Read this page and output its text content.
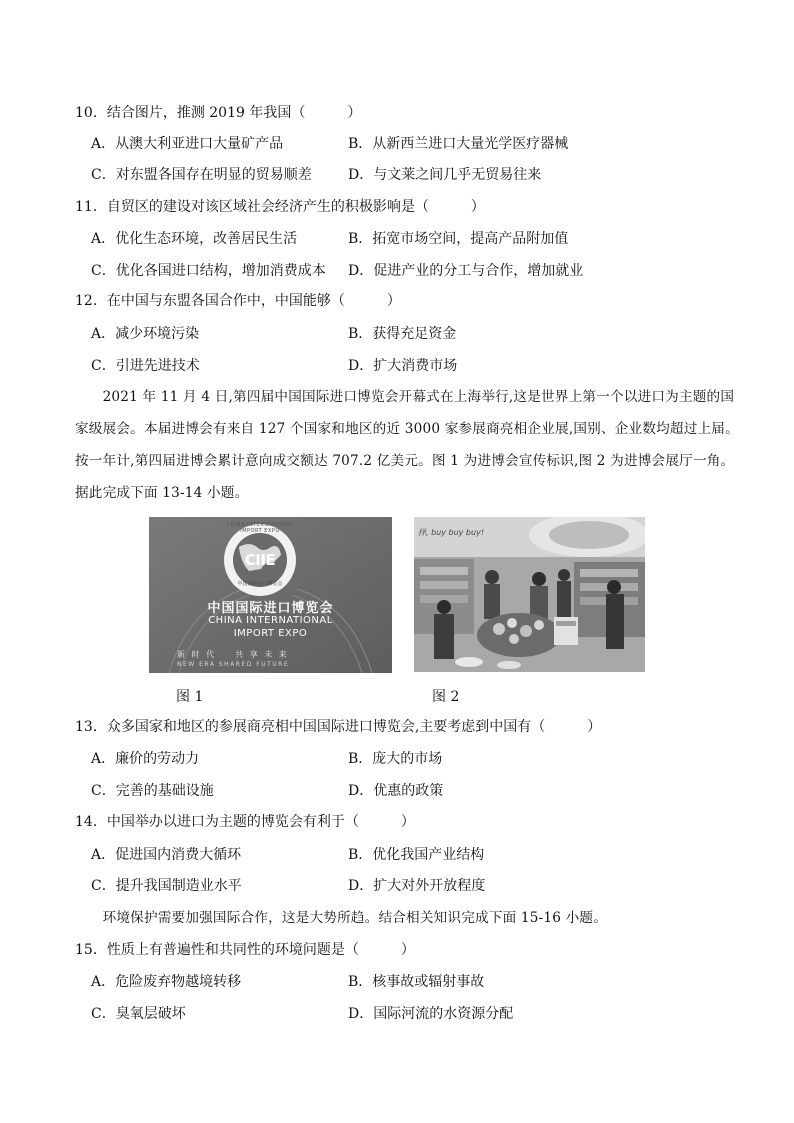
10．结合图片，推测 2019 年我国（　　　）
A．从澳大利亚进口大量矿产品	B．从新西兰进口大量光学医疗器械
C．对东盟各国存在明显的贸易顺差	D．与文莱之间几乎无贸易往来
11．自贸区的建设对该区域社会经济产生的积极影响是（　　　）
A．优化生态环境，改善居民生活	B．拓宽市场空间，提高产品附加值
C．优化各国进口结构，增加消费成本 D．促进产业的分工与合作，增加就业
12．在中国与东盟各国合作中，中国能够（　　　）
A．减少环境污染	B．获得充足资金
C．引进先进技术	D．扩大消费市场
　　2021 年 11 月 4 日,第四届中国国际进口博览会开幕式在上海举行,这是世界上第一个以进口为主题的国
家级展会。本届进博会有来自 127 个国家和地区的近 3000 家参展商亮相企业展,国别、企业数均超过上届。
按一年计,第四届进博会累计意向成交额达 707.2 亿美元。图 1 为进博会宣传标识,图 2 为进博会展厅一角。
据此完成下面 13-14 小题。
CHINA INTERNATIONAL IMPORT EXPO
CIIE
中国国际进口博览会
中国国际进口博览会
CHINA INTERNATIONAL
IMPORT EXPO
新 时 代 　 共 享 未 来
NEW ERA SHARED FUTURE
图 1
择, buy buy buy!
图 2
13．众多国家和地区的参展商亮相中国国际进口博览会,主要考虑到中国有（　　　）
A．廉价的劳动力	B．庞大的市场
C．完善的基础设施	D．优惠的政策
14．中国举办以进口为主题的博览会有利于（　　　）
A．促进国内消费大循环	B．优化我国产业结构
C．提升我国制造业水平	D．扩大对外开放程度
　　环境保护需要加强国际合作，这是大势所趋。结合相关知识完成下面 15-16 小题。
15．性质上有普遍性和共同性的环境问题是（　　　）
A．危险废弃物越境转移	B．核事故或辐射事故
C．臭氧层破坏	D．国际河流的水资源分配
